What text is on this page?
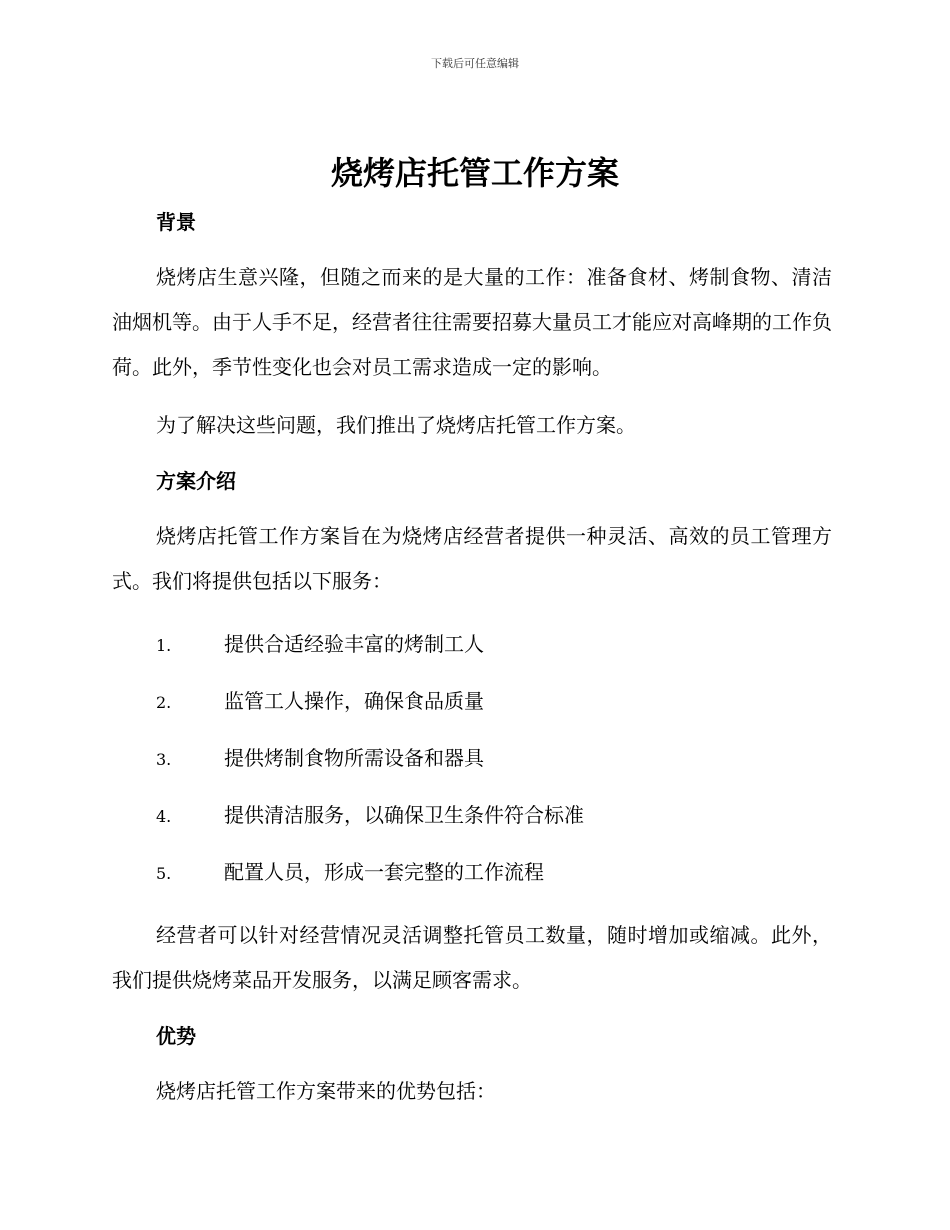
下载后可任意编辑
烧烤店托管工作方案
背景

烧烤店生意兴隆，但随之而来的是大量的工作：准备食材、烤制食物、清洁油烟机等。由于人手不足，经营者往往需要招募大量员工才能应对高峰期的工作负荷。此外，季节性变化也会对员工需求造成一定的影响。

为了解决这些问题，我们推出了烧烤店托管工作方案。

方案介绍

烧烤店托管工作方案旨在为烧烤店经营者提供一种灵活、高效的员工管理方式。我们将提供包括以下服务：

1.	提供合适经验丰富的烤制工人
2.	监管工人操作，确保食品质量
3.	提供烤制食物所需设备和器具
4.	提供清洁服务，以确保卫生条件符合标准
5.	配置人员，形成一套完整的工作流程

经营者可以针对经营情况灵活调整托管员工数量，随时增加或缩减。此外，我们提供烧烤菜品开发服务，以满足顾客需求。

优势

烧烤店托管工作方案带来的优势包括：
